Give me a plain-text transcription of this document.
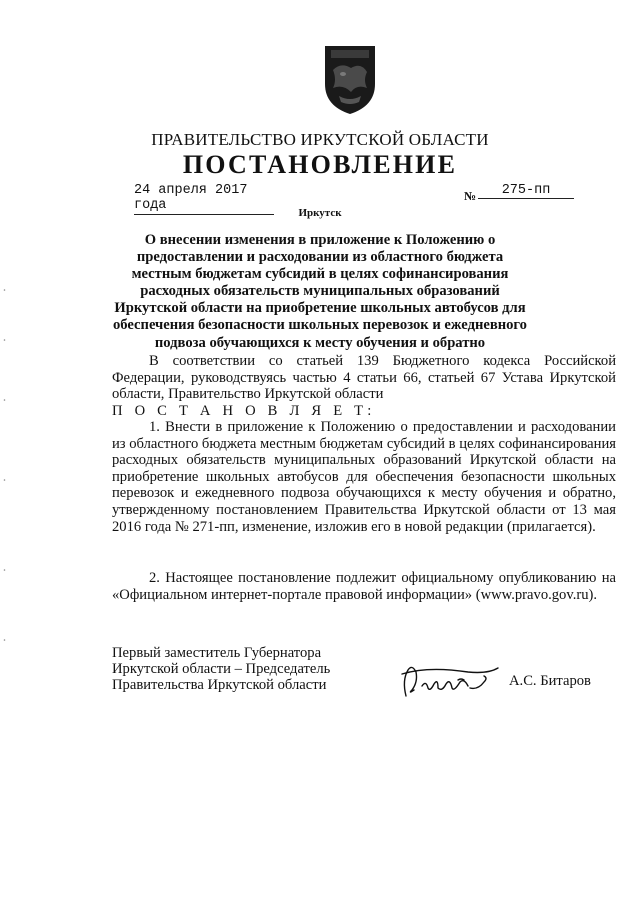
ПРАВИТЕЛЬСТВО ИРКУТСКОЙ ОБЛАСТИ
ПОСТАНОВЛЕНИЕ
24 апреля 2017 года
№	275-пп
Иркутск
О внесении изменения в приложение к Положению о предоставлении и расходовании из областного бюджета местным бюджетам субсидий в целях софинансирования расходных обязательств муниципальных образований Иркутской области на приобретение школьных автобусов для обеспечения безопасности школьных перевозок и ежедневного подвоза обучающихся к месту обучения и обратно
В соответствии со статьей 139 Бюджетного кодекса Российской Федерации, руководствуясь частью 4 статьи 66, статьей 67 Устава Иркутской области, Правительство Иркутской области
П О С Т А Н О В Л Я Е Т:
1. Внести в приложение к Положению о предоставлении и расходовании из областного бюджета местным бюджетам субсидий в целях софинансирования расходных обязательств муниципальных образований Иркутской области на приобретение школьных автобусов для обеспечения безопасности школьных перевозок и ежедневного подвоза обучающихся к месту обучения и обратно, утвержденному постановлением Правительства Иркутской области от 13 мая 2016 года № 271-пп, изменение, изложив его в новой редакции (прилагается).
2. Настоящее постановление подлежит официальному опубликованию на «Официальном интернет-портале правовой информации» (www.pravo.gov.ru).
Первый заместитель Губернатора
Иркутской области – Председатель
Правительства Иркутской области	А.С. Битаров
